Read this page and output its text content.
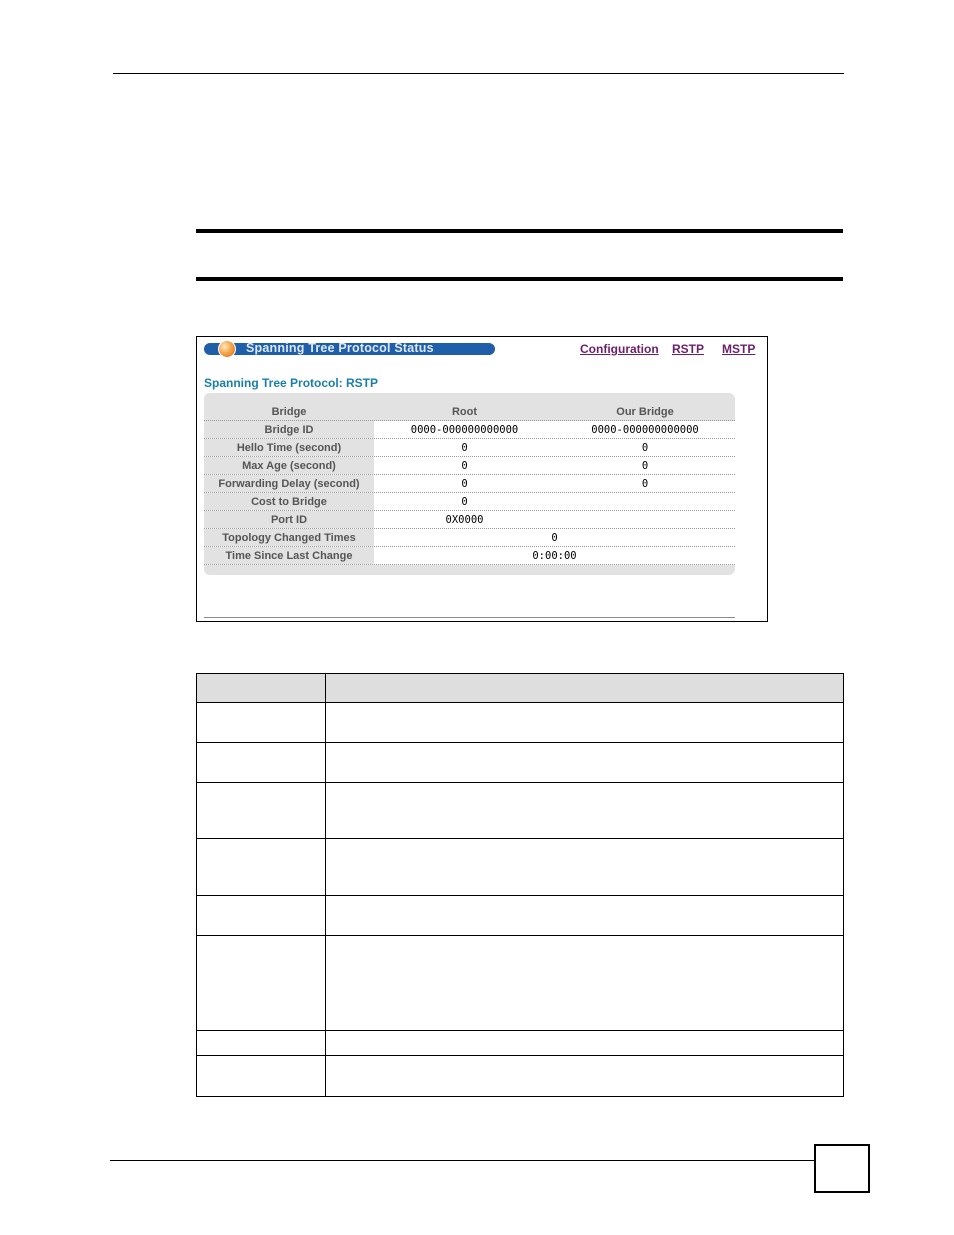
Spanning Tree Protocol Status	Configuration RSTP MSTP
Spanning Tree Protocol: RSTP
Bridge	Root	Our Bridge
Bridge ID	0000-000000000000	0000-000000000000
Hello Time (second)	0	0
Max Age (second)	0	0
Forwarding Delay (second)	0	0
Cost to Bridge	0
Port ID	0X0000
Topology Changed Times	0
Time Since Last Change	0:00:00
